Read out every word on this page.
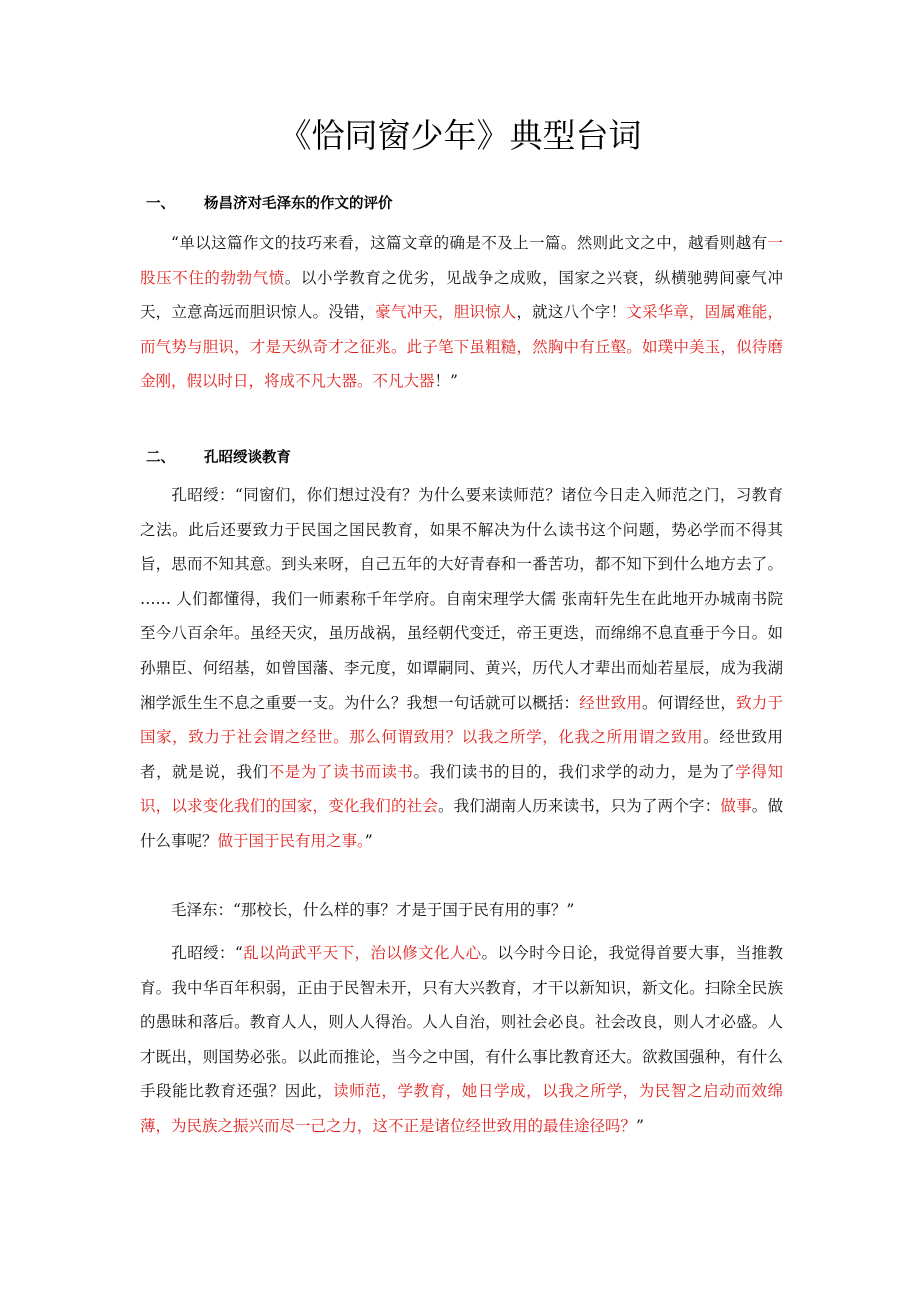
《恰同窗少年》典型台词
一、 杨昌济对毛泽东的作文的评价

“单以这篇作文的技巧来看，这篇文章的确是不及上一篇。然则此文之中，越看则越有一股压不住的勃勃气愤。以小学教育之优劣，见战争之成败，国家之兴衰，纵横驰骋间豪气冲天，立意高远而胆识惊人。没错，豪气冲天，胆识惊人，就这八个字！文采华章，固属难能，而气势与胆识，才是天纵奇才之征兆。此子笔下虽粗糙，然胸中有丘壑。如璞中美玉，似待磨金刚，假以时日，将成不凡大器。不凡大器！”

二、 孔昭绶谈教育

孔昭绶：“同窗们，你们想过没有？为什么要来读师范？诸位今日走入师范之门，习教育之法。此后还要致力于民国之国民教育，如果不解决为什么读书这个问题，势必学而不得其旨，思而不知其意。到头来呀，自己五年的大好青春和一番苦功，都不知下到什么地方去了。 …… 人们都懂得，我们一师素称千年学府。自南宋理学大儒 张南轩先生在此地开办城南书院至今八百余年。虽经天灾，虽历战祸，虽经朝代变迁，帝王更迭，而绵绵不息直垂于今日。如孙鼎臣、何绍基，如曾国藩、李元度，如谭嗣同、黄兴，历代人才辈出而灿若星辰，成为我湖湘学派生生不息之重要一支。为什么？我想一句话就可以概括：经世致用。何谓经世，致力于国家，致力于社会谓之经世。那么何谓致用？以我之所学，化我之所用谓之致用。经世致用者，就是说，我们不是为了读书而读书。我们读书的目的，我们求学的动力，是为了学得知识，以求变化我们的国家，变化我们的社会。我们湖南人历来读书，只为了两个字：做事。做什么事呢？做于国于民有用之事。”

毛泽东：“那校长，什么样的事？才是于国于民有用的事？”

孔昭绶：“乱以尚武平天下，治以修文化人心。以今时今日论，我觉得首要大事，当推教育。我中华百年积弱，正由于民智未开，只有大兴教育，才干以新知识，新文化。扫除全民族的愚昧和落后。教育人人，则人人得治。人人自治，则社会必良。社会改良，则人才必盛。人才既出，则国势必张。以此而推论，当今之中国，有什么事比教育还大。欲救国强种，有什么手段能比教育还强？因此，读师范，学教育，她日学成，以我之所学，为民智之启动而效绵薄，为民族之振兴而尽一己之力，这不正是诸位经世致用的最佳途径吗？”
